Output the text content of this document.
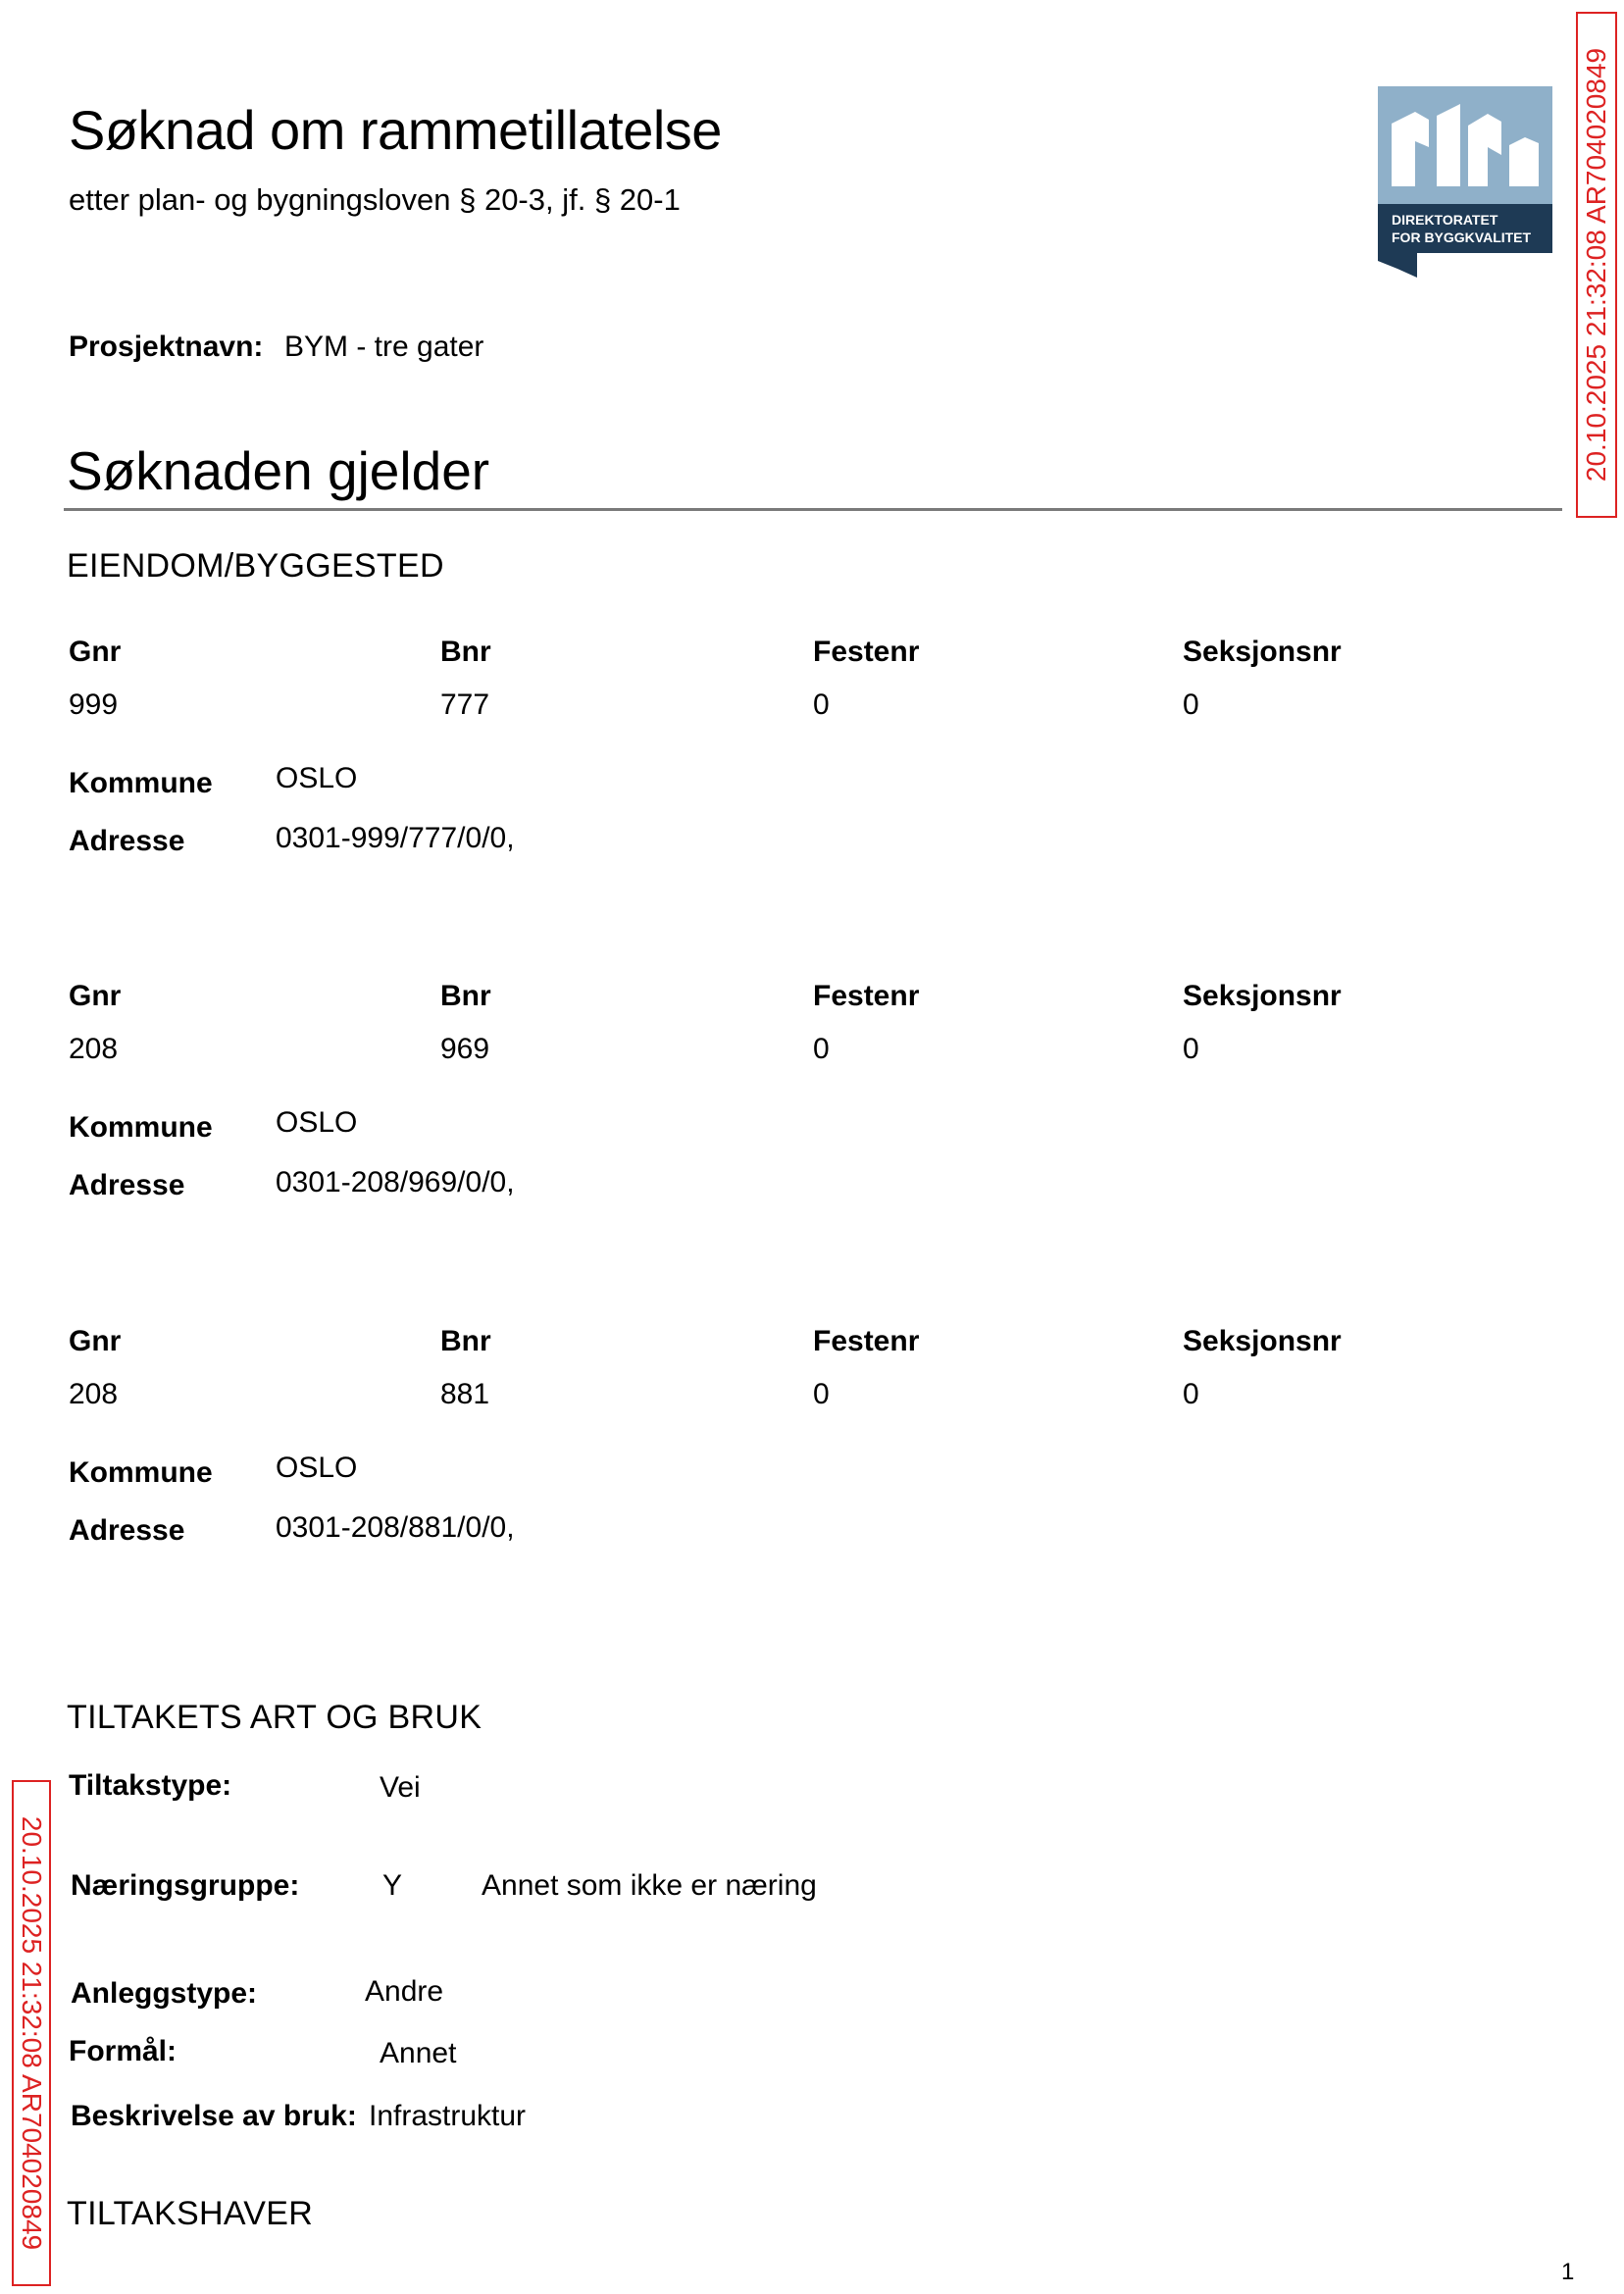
Søknad om rammetillatelse
etter plan- og bygningsloven § 20-3, jf. § 20-1
DIREKTORATET
FOR BYGGKVALITET 20.10.2025 21:32:08 AR704020849
20.10.2025 21:32:08 AR704020849
Prosjektnavn: BYM - tre gater
Søknaden gjelder
EIENDOM/BYGGESTED
Gnr	Bnr	Festenr	Seksjonsnr
999	777	0	0
Kommune OSLO
Adresse	0301-999/777/0/0,
Gnr	Bnr	Festenr	Seksjonsnr
208	969	0	0
Kommune OSLO
Adresse	0301-208/969/0/0,
Gnr	Bnr	Festenr	Seksjonsnr
208	881	0	0
Kommune OSLO
Adresse	0301-208/881/0/0,
TILTAKETS ART OG BRUK
Tiltakstype:	Vei
Næringsgruppe:	Y	Annet som ikke er næring
Anleggstype:	Andre
Formål:	Annet
Beskrivelse av bruk: Infrastruktur
TILTAKSHAVER
1
